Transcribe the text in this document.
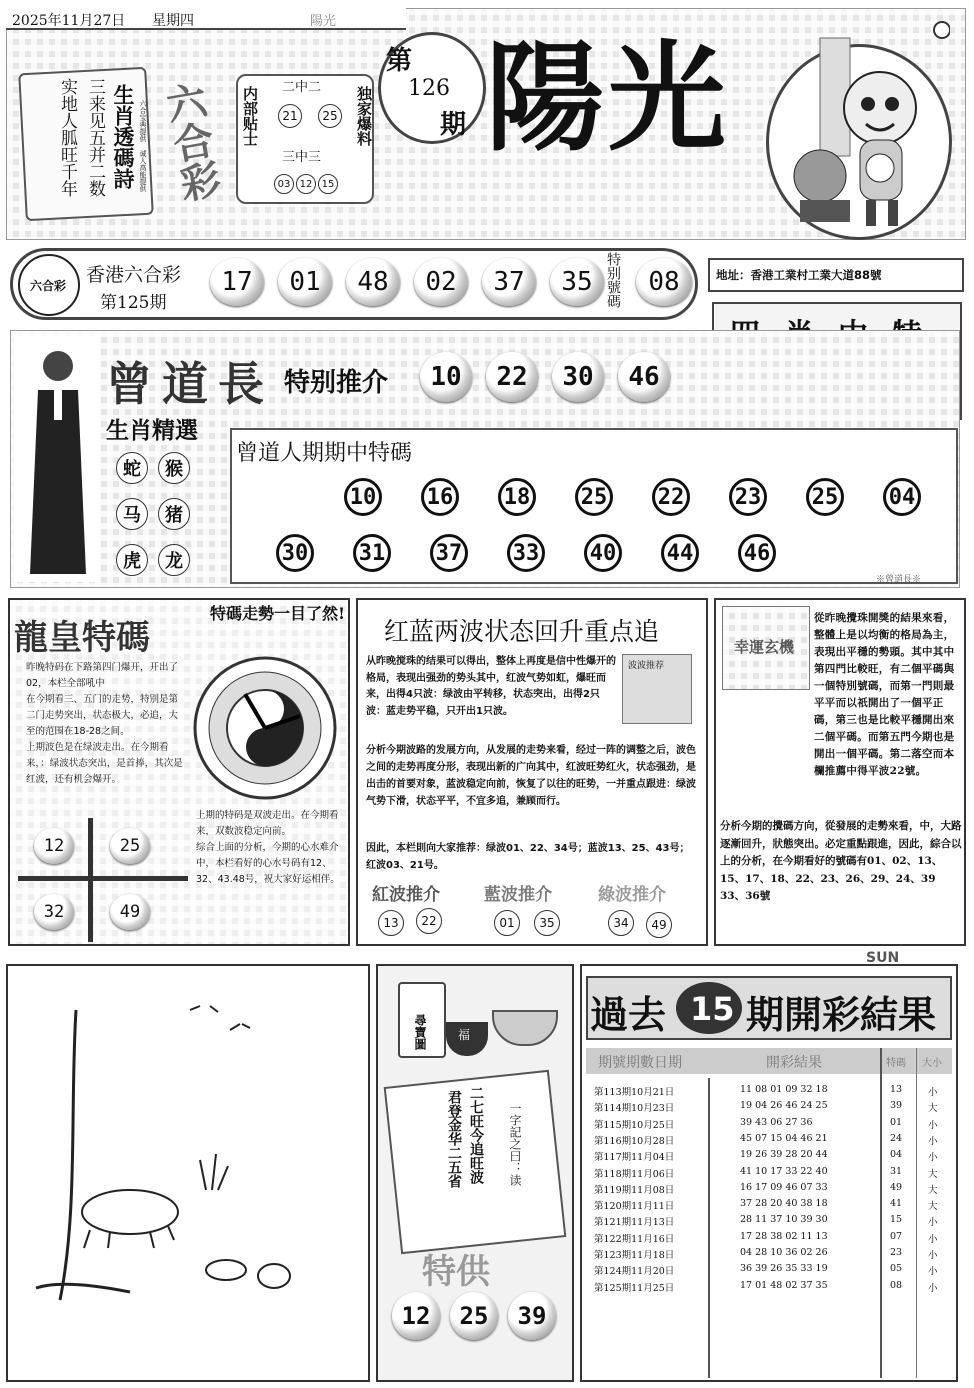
2025年11月27日 星期四	陽光
实地人胍旺千年 三来见五并二数 生肖透碼詩 六合宝典提供 诚人高能提供 六合彩 内部贴士	独家爆料
二中二
21	25
三中三
03 12 15
第
126
期 陽光
六合彩 香港六合彩
第125期
17	01	48	02	37	35 特别號碼	08	地址：香港工業村工業大道88號
曾道長 特别推介	10	22	30	46
生肖精選
蛇	猴
马	猪
虎	龙
曾道人期期中特碼
※曾道長※
10 16 18 25 22 23 25 04
30 31 37 33 40 44 46
龍皇特碼
特碼走勢一目了然!
昨晚特码在下路第四门爆开，开出了02，本栏全部吼中
在今期看三、五门的走势，特别是第二门走势突出，状态极大，必追，大至的范围在18-28之间。
上期波色是在绿波走出。在今期看来，：绿波状态突出，是首捧，其次是红波，还有机会爆开。
上期的特码是双波走出。在今期看来，双数波稳定向前。
综合上面的分析，今期的心水难介中，本栏看好的心水号码有12、32、43.48号，祝大家好运相伴。
12	25
32	49
红蓝两波状态回升重点追
从昨晚搅珠的结果可以得出，整体上再度是信中性爆开的格局，表现出强劲的势头其中，红波气势如虹，爆旺而来，出得4只波：绿波由平转移，状态突出，出得2只波：蓝走势平稳，只开出1只波。
波波推荐
分析今期波路的发展方向，从发展的走势来看，经过一阵的调整之后，波色之间的走势再度分形，表现出新的广向其中，红波旺势红火，状态强劲，是出击的首要对象，蓝波稳定向前，恢复了以往的旺势，一并重点跟进：绿波气势下滑，状态平平，不宜多追，兼顾而行。
因此，本栏則向大家推荐：绿波01、22、34号；蓝波13、25、43号；红波03、21号。
紅波推介	藍波推介	綠波推介
13	22	01	35	34	49
幸運玄機
從昨晚攪珠開獎的結果來看，整體上是以均衡的格局為主，表現出平穩的勢頭。其中其中第四門比較旺，有二個平碼與一個特別號碼，而第一門則最平平而以祇開出了一個平正碼，第三也是比較平穩開出來二個平碼。而第五門今期也是開出一個平碼。第二落空而本欄推薦中得平波22號。
分析今期的攪碼方向，從發展的走勢來看，中，大路逐漸回升，狀態突出。必定重點跟進，因此，綜合以上的分析，在今期看好的號碼有01、02、13、15、17、18、22、23、26、29、24、39 33、36號
尋寶圖	福
二七旺今追旺波
君登金华二五省	一字記之曰：读
特供
12	25	39
SUN
過去 15 期開彩結果
期號期數日期	開彩結果	特碼 大小
第113期10月21日	11 08 01 09 32 18	13	小
第114期10月23日	19 04 26 46 24 25	39	大
第115期10月25日	39 43 06 27 36	01	小
第116期10月28日	45 07 15 04 46 21	24	小
第117期11月04日	19 26 39 28 20 44	04	小
第118期11月06日	41 10 17 33 22 40	31	大
第119期11月08日	16 17 09 46 07 33	49	大
第120期11月11日	37 28 20 40 38 18	41	大
第121期11月13日	28 11 37 10 39 30	15	小
第122期11月16日	17 28 38 02 11 13	07	小
第123期11月18日	04 28 10 36 02 26	23	小
第124期11月20日	36 39 26 35 33 19	05	小
第125期11月25日	17 01 48 02 37 35	08	小
